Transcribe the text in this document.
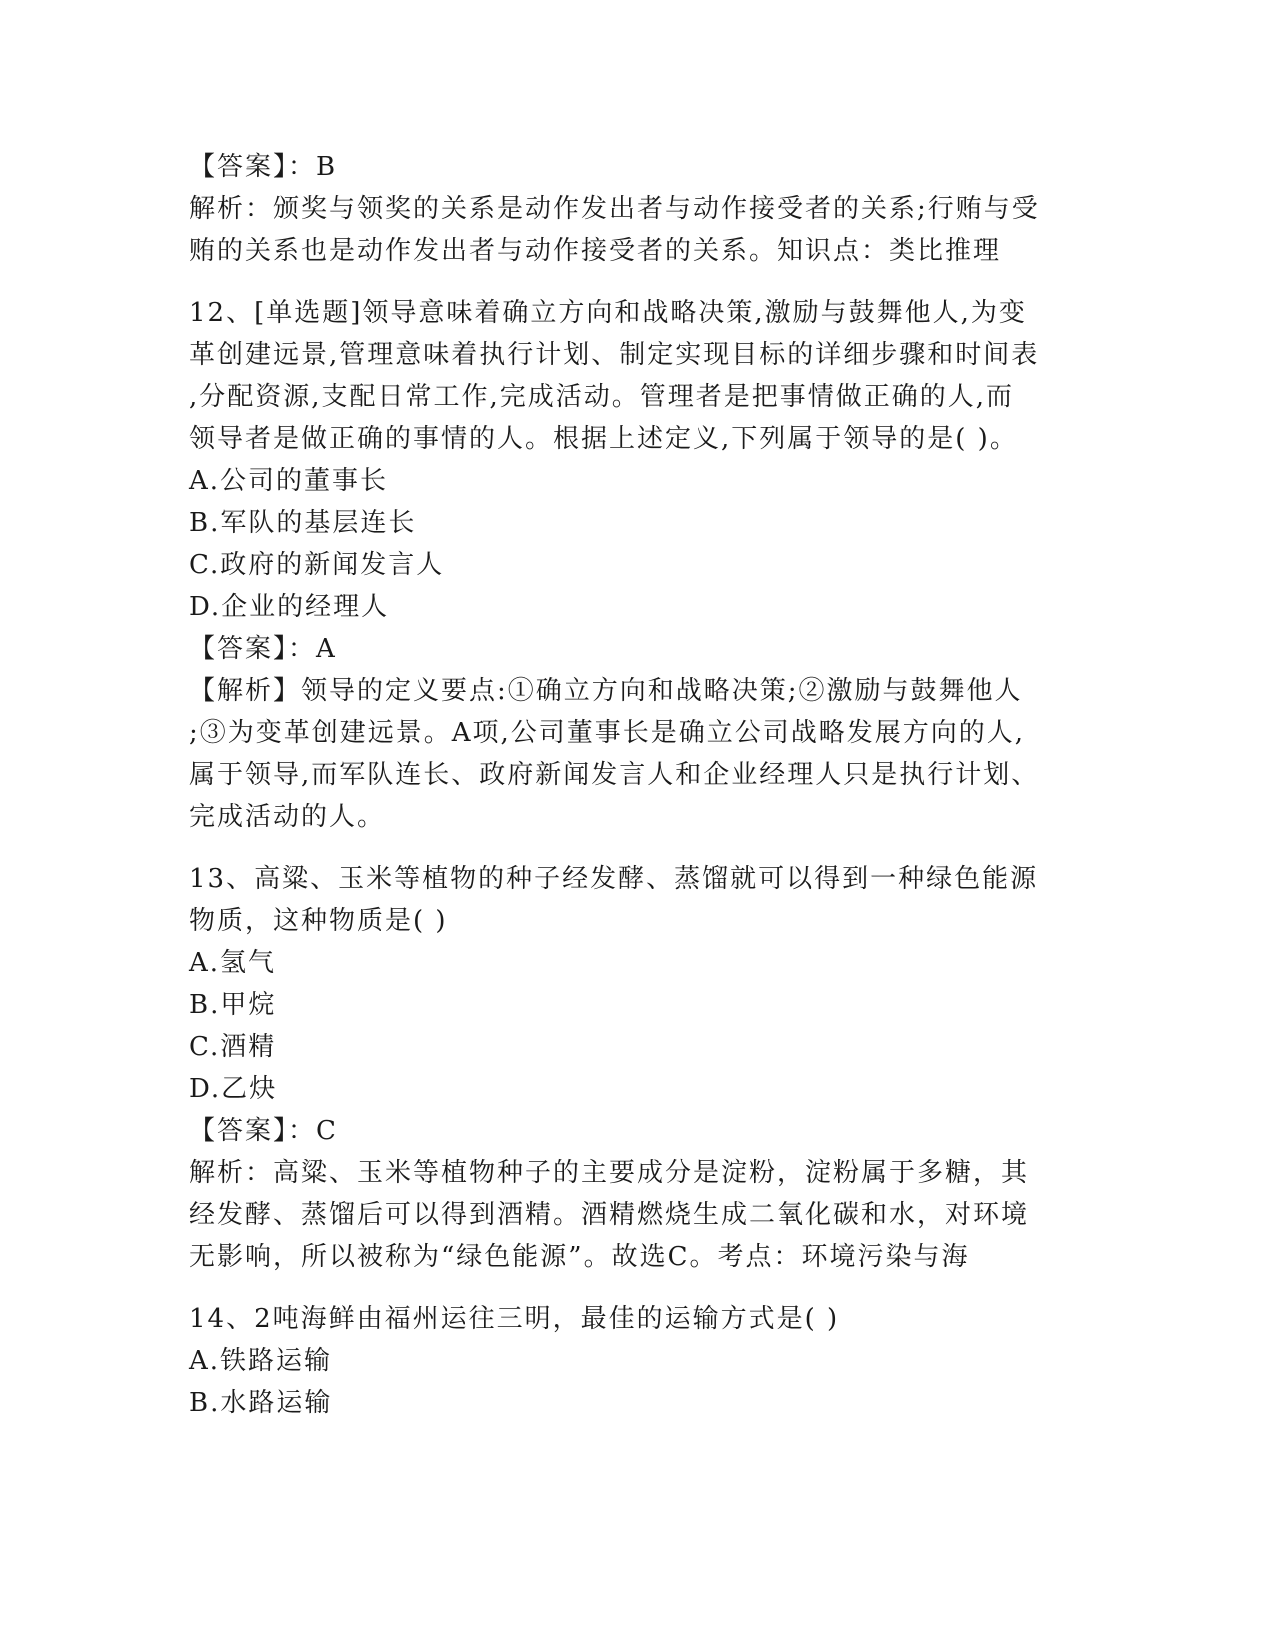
【答案】：B
解析：颁奖与领奖的关系是动作发出者与动作接受者的关系;行贿与受
贿的关系也是动作发出者与动作接受者的关系。知识点：类比推理
12、[单选题]领导意味着确立方向和战略决策,激励与鼓舞他人,为变
革创建远景,管理意味着执行计划、制定实现目标的详细步骤和时间表
,分配资源,支配日常工作,完成活动。管理者是把事情做正确的人,而
领导者是做正确的事情的人。根据上述定义,下列属于领导的是( )。
A.公司的董事长
B.军队的基层连长
C.政府的新闻发言人
D.企业的经理人
【答案】：A
【解析】领导的定义要点:①确立方向和战略决策;②激励与鼓舞他人
;③为变革创建远景。A项,公司董事长是确立公司战略发展方向的人,
属于领导,而军队连长、政府新闻发言人和企业经理人只是执行计划、
完成活动的人。
13、高粱、玉米等植物的种子经发酵、蒸馏就可以得到一种绿色能源
物质，这种物质是( )
A.氢气
B.甲烷
C.酒精
D.乙炔
【答案】：C
解析：高粱、玉米等植物种子的主要成分是淀粉，淀粉属于多糖，其
经发酵、蒸馏后可以得到酒精。酒精燃烧生成二氧化碳和水，对环境
无影响，所以被称为“绿色能源”。故选C。考点：环境污染与海
14、2吨海鲜由福州运往三明，最佳的运输方式是( )
A.铁路运输
B.水路运输
